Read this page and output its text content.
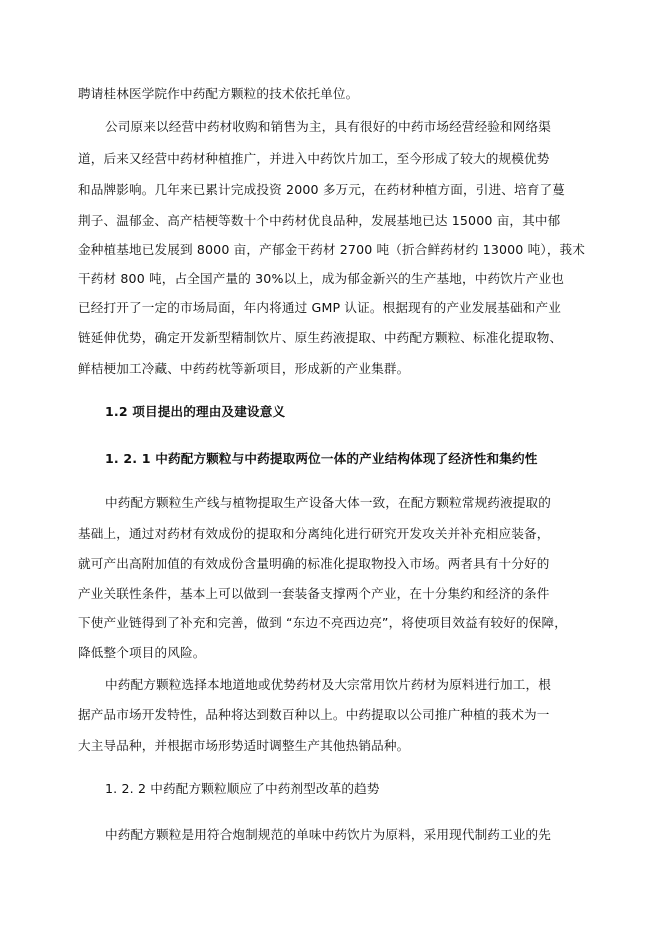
聘请桂林医学院作中药配方颗粒的技术依托单位。
公司原来以经营中药材收购和销售为主，具有很好的中药市场经营经验和网络渠
道，后来又经营中药材种植推广，并进入中药饮片加工，至今形成了较大的规模优势
和品牌影响。几年来已累计完成投资 2000 多万元，在药材种植方面，引进、培育了蔓
荆子、温郁金、高产桔梗等数十个中药材优良品种，发展基地已达 15000 亩，其中郁
金种植基地已发展到 8000 亩，产郁金干药材 2700 吨（折合鲜药材约 13000 吨），莪术
干药材 800 吨，占全国产量的 30%以上，成为郁金新兴的生产基地，中药饮片产业也
已经打开了一定的市场局面，年内将通过 GMP 认证。根据现有的产业发展基础和产业
链延伸优势，确定开发新型精制饮片、原生药液提取、中药配方颗粒、标准化提取物、
鲜桔梗加工冷藏、中药药枕等新项目，形成新的产业集群。
1.2 项目提出的理由及建设意义
1. 2. 1 中药配方颗粒与中药提取两位一体的产业结构体现了经济性和集约性
中药配方颗粒生产线与植物提取生产设备大体一致，在配方颗粒常规药液提取的
基础上，通过对药材有效成份的提取和分离纯化进行研究开发攻关并补充相应装备，
就可产出高附加值的有效成份含量明确的标准化提取物投入市场。两者具有十分好的
产业关联性条件，基本上可以做到一套装备支撑两个产业，在十分集约和经济的条件
下使产业链得到了补充和完善，做到 “东边不亮西边亮”，将使项目效益有较好的保障，
降低整个项目的风险。
中药配方颗粒选择本地道地或优势药材及大宗常用饮片药材为原料进行加工，根
据产品市场开发特性，品种将达到数百种以上。中药提取以公司推广种植的莪术为一
大主导品种，并根据市场形势适时调整生产其他热销品种。
1. 2. 2 中药配方颗粒顺应了中药剂型改革的趋势
中药配方颗粒是用符合炮制规范的单味中药饮片为原料，采用现代制药工业的先
